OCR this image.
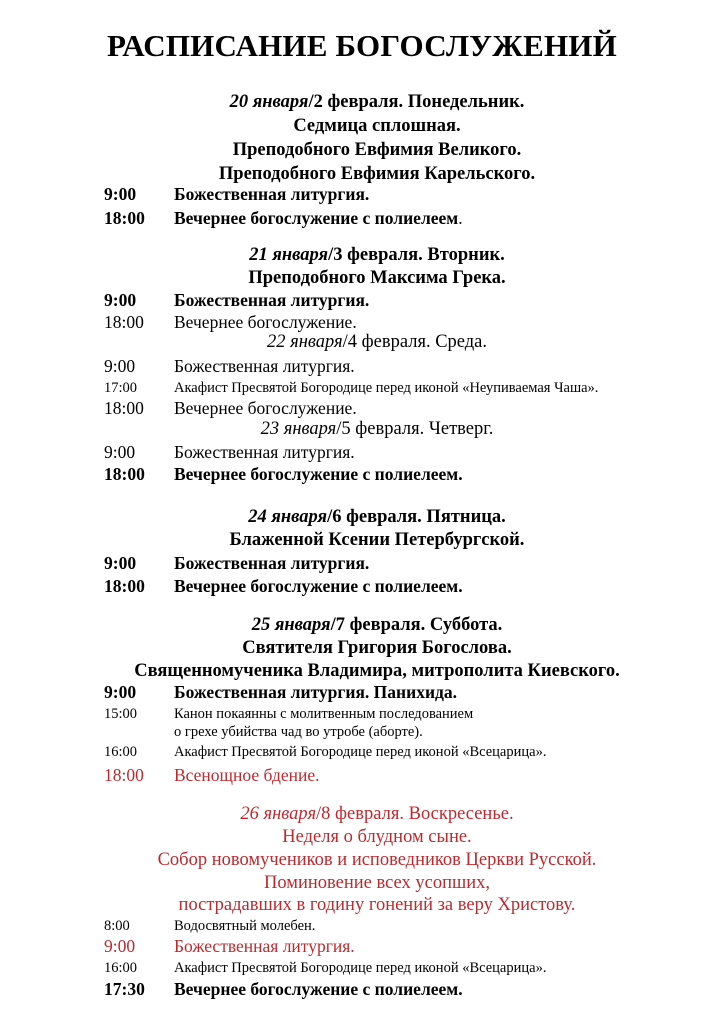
РАСПИСАНИЕ БОГОСЛУЖЕНИЙ
20 января/2 февраля. Понедельник.
Седмица сплошная.
Преподобного Евфимия Великого.
Преподобного Евфимия Карельского.
9:00 Божественная литургия.
18:00 Вечернее богослужение с полиелеем.
21 января/3 февраля. Вторник.
Преподобного Максима Грека.
9:00 Божественная литургия.
18:00 Вечернее богослужение.
22 января/4 февраля. Среда.
9:00 Божественная литургия.
17:00	Акафист Пресвятой Богородице перед иконой «Неупиваемая Чаша».
18:00 Вечернее богослужение.
23 января/5 февраля. Четверг.
9:00 Божественная литургия.
18:00 Вечернее богослужение с полиелеем.
24 января/6 февраля. Пятница.
Блаженной Ксении Петербургской.
9:00 Божественная литургия.
18:00 Вечернее богослужение с полиелеем.
25 января/7 февраля. Суббота.
Святителя Григория Богослова.
Священномученика Владимира, митрополита Киевского.
9:00 Божественная литургия. Панихида.
15:00	Канон покаянны с молитвенным последованием
о грехе убийства чад во утробе (аборте).
16:00	Акафист Пресвятой Богородице перед иконой «Всецарица».
18:00 Всенощное бдение.
26 января/8 февраля. Воскресенье.
Неделя о блудном сыне.
Собор новомучеников и исповедников Церкви Русской.
Поминовение всех усопших,
пострадавших в годину гонений за веру Христову.
8:00	Водосвятный молебен.
9:00 Божественная литургия.
16:00	Акафист Пресвятой Богородице перед иконой «Всецарица».
17:30 Вечернее богослужение с полиелеем.
